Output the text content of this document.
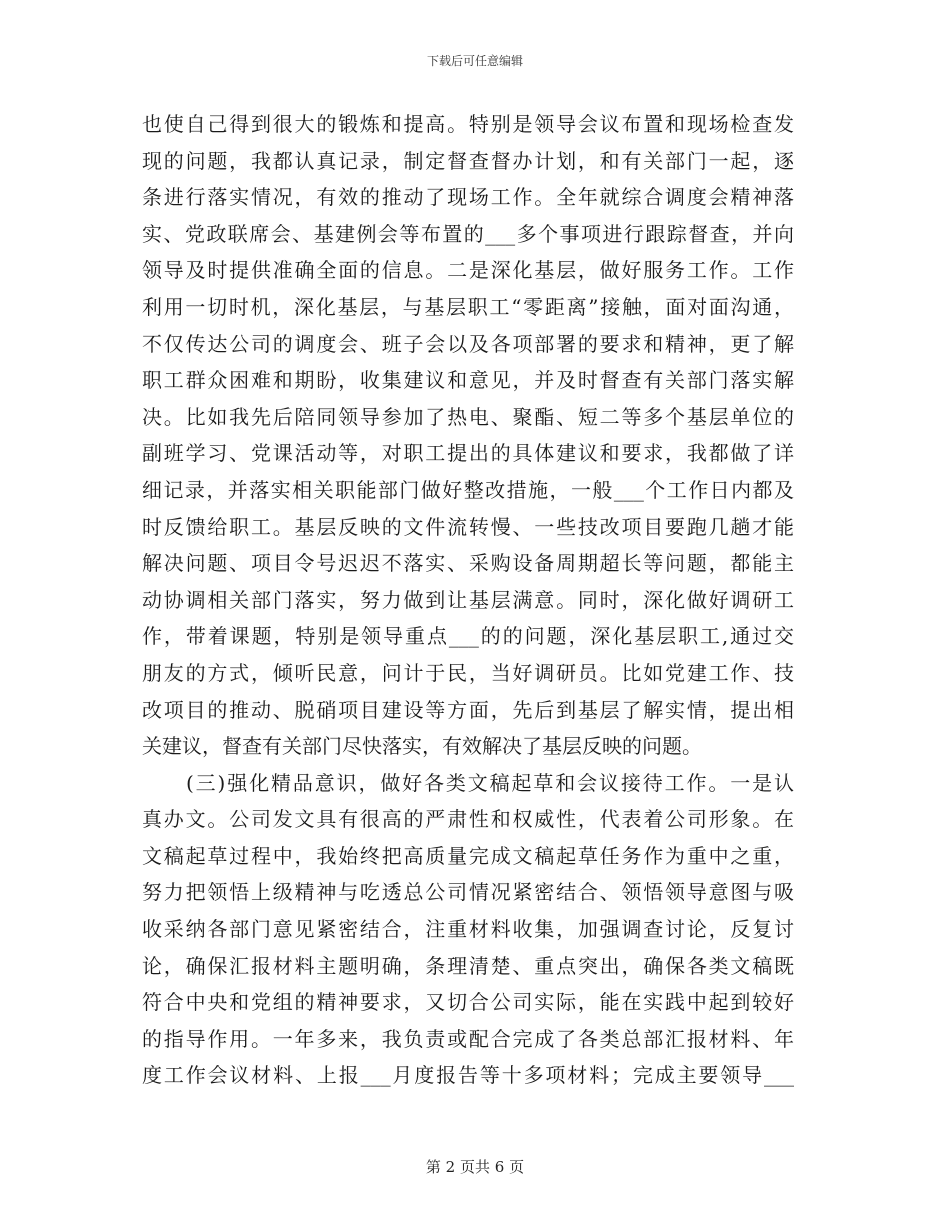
下载后可任意编辑
也使自己得到很大的锻炼和提高。特别是领导会议布置和现场检查发
现的问题，我都认真记录，制定督查督办计划，和有关部门一起，逐
条进行落实情况，有效的推动了现场工作。全年就综合调度会精神落
实、党政联席会、基建例会等布置的___多个事项进行跟踪督查，并向
领导及时提供准确全面的信息。二是深化基层，做好服务工作。工作
利用一切时机，深化基层，与基层职工“零距离”接触，面对面沟通，
不仅传达公司的调度会、班子会以及各项部署的要求和精神，更了解
职工群众困难和期盼，收集建议和意见，并及时督查有关部门落实解
决。比如我先后陪同领导参加了热电、聚酯、短二等多个基层单位的
副班学习、党课活动等，对职工提出的具体建议和要求，我都做了详
细记录，并落实相关职能部门做好整改措施，一般___个工作日内都及
时反馈给职工。基层反映的文件流转慢、一些技改项目要跑几趟才能
解决问题、项目令号迟迟不落实、采购设备周期超长等问题，都能主
动协调相关部门落实，努力做到让基层满意。同时，深化做好调研工
作，带着课题，特别是领导重点___的的问题，深化基层职工,通过交
朋友的方式，倾听民意，问计于民，当好调研员。比如党建工作、技
改项目的推动、脱硝项目建设等方面，先后到基层了解实情，提出相
关建议，督查有关部门尽快落实，有效解决了基层反映的问题。
(三)强化精品意识，做好各类文稿起草和会议接待工作。一是认
真办文。公司发文具有很高的严肃性和权威性，代表着公司形象。在
文稿起草过程中，我始终把高质量完成文稿起草任务作为重中之重，
努力把领悟上级精神与吃透总公司情况紧密结合、领悟领导意图与吸
收采纳各部门意见紧密结合，注重材料收集，加强调查讨论，反复讨
论，确保汇报材料主题明确，条理清楚、重点突出，确保各类文稿既
符合中央和党组的精神要求，又切合公司实际，能在实践中起到较好
的指导作用。一年多来，我负责或配合完成了各类总部汇报材料、年
度工作会议材料、上报___月度报告等十多项材料；完成主要领导___
第 2 页共 6 页
